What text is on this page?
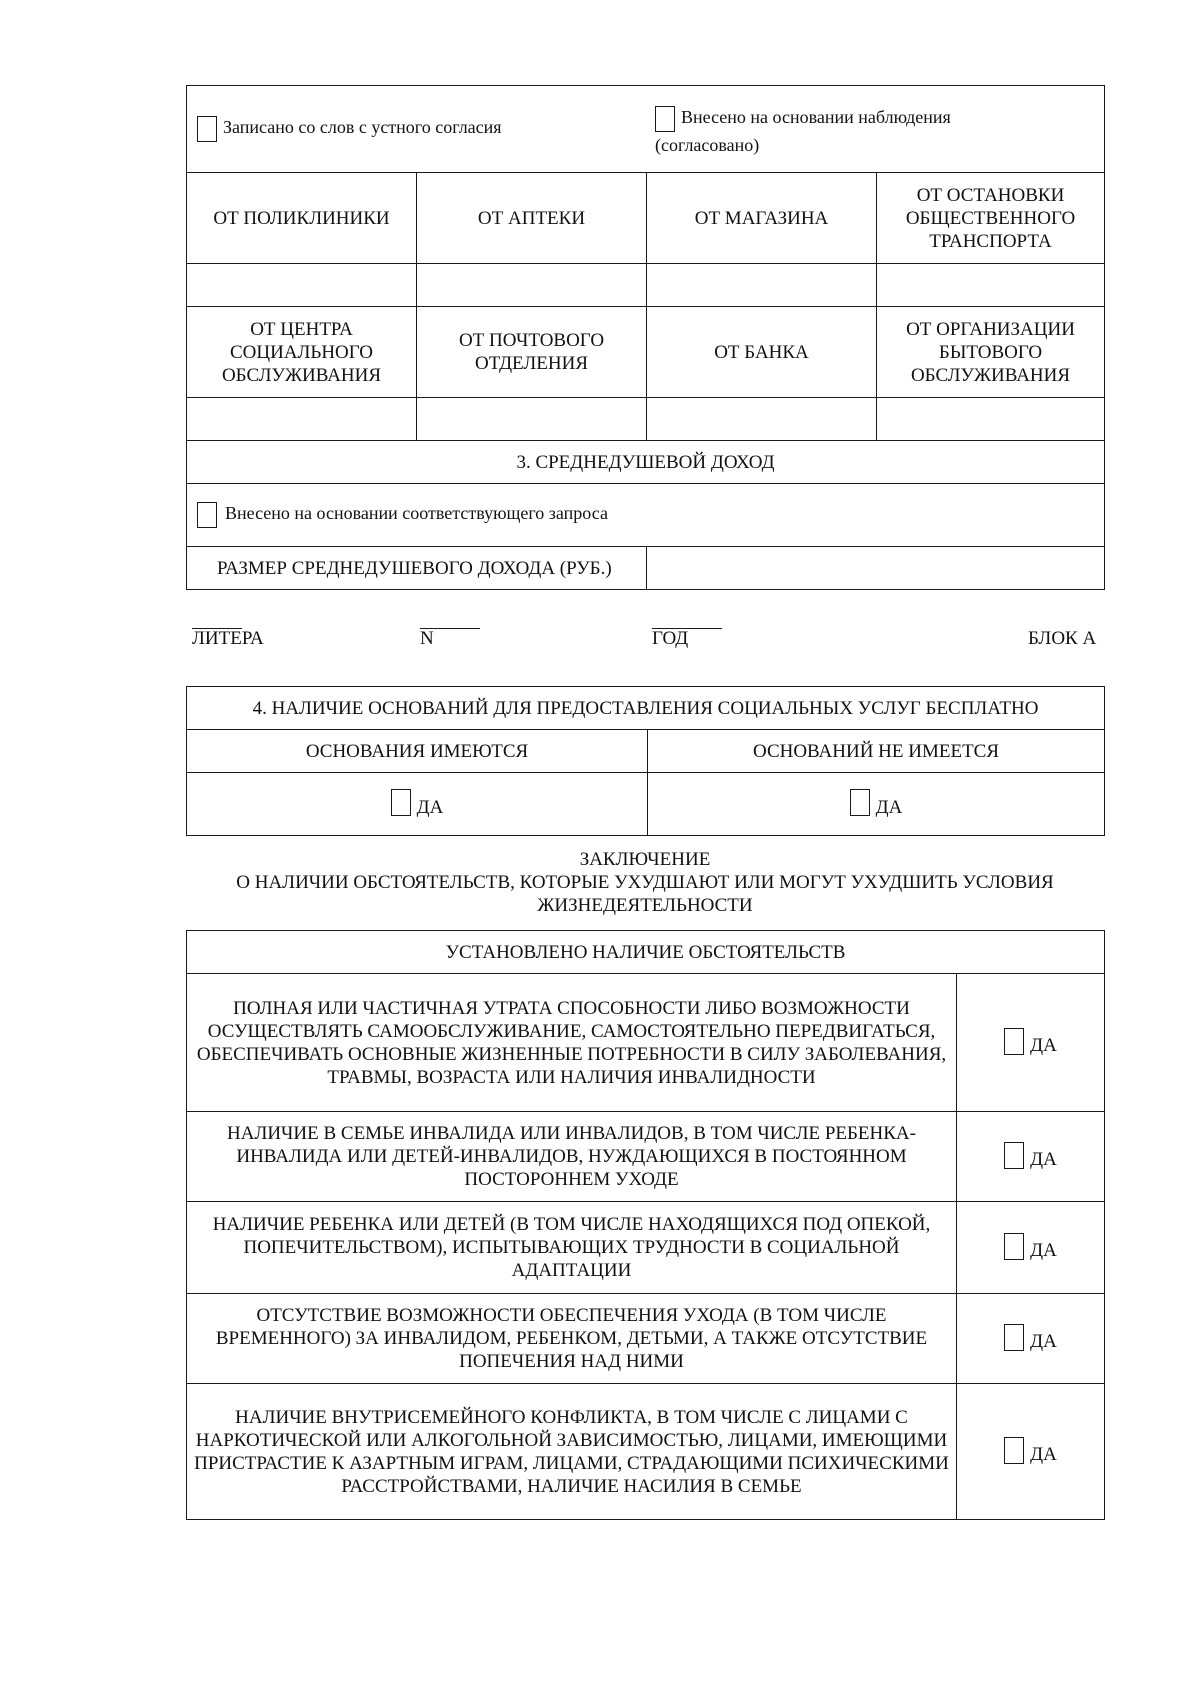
Записано со слов с устного согласия
Внесено на основании наблюдения
(согласовано)			

ОТ ПОЛИКЛИНИКИ	ОТ АПТЕКИ	ОТ МАГАЗИНА	ОТ ОСТАНОВКИ ОБЩЕСТВЕННОГО ТРАНСПОРТА

ОТ ЦЕНТРА СОЦИАЛЬНОГО ОБСЛУЖИВАНИЯ	ОТ ПОЧТОВОГО ОТДЕЛЕНИЯ	ОТ БАНКА	ОТ ОРГАНИЗАЦИИ БЫТОВОГО ОБСЛУЖИВАНИЯ

3. СРЕДНЕДУШЕВОЙ ДОХОД			
Внесено на основании соответствующего запроса			
РАЗМЕР СРЕДНЕДУШЕВОГО ДОХОДА (РУБ.)			
ЛИТЕРА	N	ГОД	БЛОК А
4. НАЛИЧИЕ ОСНОВАНИЙ ДЛЯ ПРЕДОСТАВЛЕНИЯ СОЦИАЛЬНЫХ УСЛУГ БЕСПЛАТНО	
ОСНОВАНИЯ ИМЕЮТСЯ	ОСНОВАНИЙ НЕ ИМЕЕТСЯ
ДА	ДА
ЗАКЛЮЧЕНИЕ
О НАЛИЧИИ ОБСТОЯТЕЛЬСТВ, КОТОРЫЕ УХУДШАЮТ ИЛИ МОГУТ УХУДШИТЬ УСЛОВИЯ
ЖИЗНЕДЕЯТЕЛЬНОСТИ
УСТАНОВЛЕНО НАЛИЧИЕ ОБСТОЯТЕЛЬСТВ	
ПОЛНАЯ ИЛИ ЧАСТИЧНАЯ УТРАТА СПОСОБНОСТИ ЛИБО ВОЗМОЖНОСТИ ОСУЩЕСТВЛЯТЬ САМООБСЛУЖИВАНИЕ, САМОСТОЯТЕЛЬНО ПЕРЕДВИГАТЬСЯ, ОБЕСПЕЧИВАТЬ ОСНОВНЫЕ ЖИЗНЕННЫЕ ПОТРЕБНОСТИ В СИЛУ ЗАБОЛЕВАНИЯ, ТРАВМЫ, ВОЗРАСТА ИЛИ НАЛИЧИЯ ИНВАЛИДНОСТИ	ДА
НАЛИЧИЕ В СЕМЬЕ ИНВАЛИДА ИЛИ ИНВАЛИДОВ, В ТОМ ЧИСЛЕ РЕБЕНКА-ИНВАЛИДА ИЛИ ДЕТЕЙ-ИНВАЛИДОВ, НУЖДАЮЩИХСЯ В ПОСТОЯННОМ ПОСТОРОННЕМ УХОДЕ	ДА
НАЛИЧИЕ РЕБЕНКА ИЛИ ДЕТЕЙ (В ТОМ ЧИСЛЕ НАХОДЯЩИХСЯ ПОД ОПЕКОЙ, ПОПЕЧИТЕЛЬСТВОМ), ИСПЫТЫВАЮЩИХ ТРУДНОСТИ В СОЦИАЛЬНОЙ АДАПТАЦИИ	ДА
ОТСУТСТВИЕ ВОЗМОЖНОСТИ ОБЕСПЕЧЕНИЯ УХОДА (В ТОМ ЧИСЛЕ ВРЕМЕННОГО) ЗА ИНВАЛИДОМ, РЕБЕНКОМ, ДЕТЬМИ, А ТАКЖЕ ОТСУТСТВИЕ ПОПЕЧЕНИЯ НАД НИМИ	ДА
НАЛИЧИЕ ВНУТРИСЕМЕЙНОГО КОНФЛИКТА, В ТОМ ЧИСЛЕ С ЛИЦАМИ С НАРКОТИЧЕСКОЙ ИЛИ АЛКОГОЛЬНОЙ ЗАВИСИМОСТЬЮ, ЛИЦАМИ, ИМЕЮЩИМИ ПРИСТРАСТИЕ К АЗАРТНЫМ ИГРАМ, ЛИЦАМИ, СТРАДАЮЩИМИ ПСИХИЧЕСКИМИ РАССТРОЙСТВАМИ, НАЛИЧИЕ НАСИЛИЯ В СЕМЬЕ	ДА
